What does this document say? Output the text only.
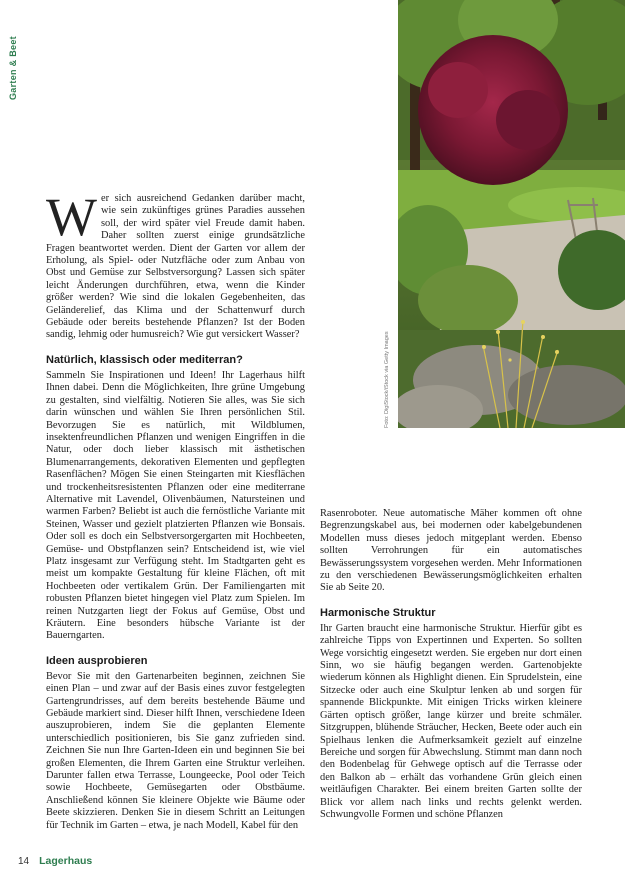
Garten & Beet
Foto: DigiStock/iStock via Getty Images

Wer sich ausreichend Gedanken darüber macht, wie sein zukünftiges grünes Paradies aussehen soll, der wird später viel Freude damit haben. Daher sollten zuerst einige grundsätzliche Fragen beantwortet werden. Dient der Garten vor allem der Erholung, als Spiel- oder Nutzfläche oder zum Anbau von Obst und Gemüse zur Selbstversorgung? Lassen sich später leicht Änderungen durchführen, etwa, wenn die Kinder größer werden? Wie sind die lokalen Gegebenheiten, das Geländerelief, das Klima und der Schattenwurf durch Gebäude oder bereits bestehende Pflanzen? Ist der Boden sandig, lehmig oder humusreich? Wie gut versickert Wasser?

Natürlich, klassisch oder mediterran?

Sammeln Sie Inspirationen und Ideen! Ihr Lagerhaus hilft Ihnen dabei. Denn die Möglichkeiten, Ihre grüne Umgebung zu gestalten, sind vielfältig. Notieren Sie alles, was Sie sich darin wünschen und wählen Sie Ihren persönlichen Stil. Bevorzugen Sie es natürlich, mit Wildblumen, insektenfreundlichen Pflanzen und wenigen Eingriffen in die Natur, oder doch lieber klassisch mit ästhetischen Blumenarrangements, dekorativen Elementen und gepflegten Rasenflächen? Mögen Sie einen Steingarten mit Kiesflächen und trockenheitsresistenten Pflanzen oder eine mediterrane Alternative mit Lavendel, Olivenbäumen, Natursteinen und warmen Farben? Beliebt ist auch die fernöstliche Variante mit Steinen, Wasser und gezielt platzierten Pflanzen wie Bonsais. Oder soll es doch ein Selbstversorgergarten mit Hochbeeten, Gemüse- und Obstpflanzen sein? Entscheidend ist, wie viel Platz insgesamt zur Verfügung steht. Im Stadtgarten geht es meist um kompakte Gestaltung für kleine Flächen, oft mit Hochbeeten oder vertikalem Grün. Der Familiengarten mit robusten Pflanzen bietet hingegen viel Platz zum Spielen. Im reinen Nutzgarten liegt der Fokus auf Gemüse, Obst und Kräutern. Eine besonders hübsche Variante ist der Bauerngarten.

Ideen ausprobieren

Bevor Sie mit den Gartenarbeiten beginnen, zeichnen Sie einen Plan – und zwar auf der Basis eines zuvor festgelegten Gartengrundrisses, auf dem bereits bestehende Bäume und Gebäude markiert sind. Dieser hilft Ihnen, verschiedene Ideen auszuprobieren, indem Sie die geplanten Elemente unterschiedlich positionieren, bis Sie ganz zufrieden sind. Zeichnen Sie nun Ihre Garten-Ideen ein und beginnen Sie bei großen Elementen, die Ihrem Garten eine Struktur verleihen. Darunter fallen etwa Terrasse, Loungeecke, Pool oder Teich sowie Hochbeete, Gemüsegarten oder Obstbäume. Anschließend können Sie kleinere Objekte wie Bäume oder Beete skizzieren. Denken Sie in diesem Schritt an Leitungen für Technik im Garten – etwa, je nach Modell, Kabel für den

Rasenroboter. Neue automatische Mäher kommen oft ohne Begrenzungskabel aus, bei modernen oder kabelgebundenen Modellen muss dieses jedoch mitgeplant werden. Ebenso sollten Verrohrungen für ein automatisches Bewässerungssystem vorgesehen werden. Mehr Informationen zu den verschiedenen Bewässerungsmöglichkeiten erhalten Sie ab Seite 20.

Harmonische Struktur

Ihr Garten braucht eine harmonische Struktur. Hierfür gibt es zahlreiche Tipps von Expertinnen und Experten. So sollten Wege vorsichtig eingesetzt werden. Sie ergeben nur dort einen Sinn, wo sie häufig begangen werden. Gartenobjekte wiederum können als Highlight dienen. Ein Sprudelstein, eine Sitzecke oder auch eine Skulptur lenken ab und sorgen für spannende Blickpunkte. Mit einigen Tricks wirken kleinere Gärten optisch größer, lange kürzer und breite schmäler. Sitzgruppen, blühende Sträucher, Hecken, Beete oder auch ein Spielhaus lenken die Aufmerksamkeit gezielt auf einzelne Bereiche und sorgen für Abwechslung. Stimmt man dann noch den Bodenbelag für Gehwege optisch auf die Terrasse oder den Balkon ab – erhält das vorhandene Grün gleich einen weitläufigen Charakter. Bei einem breiten Garten sollte der Blick vor allem nach links und rechts gelenkt werden. Schwungvolle Formen und schöne Pflanzen

14 Lagerhaus
